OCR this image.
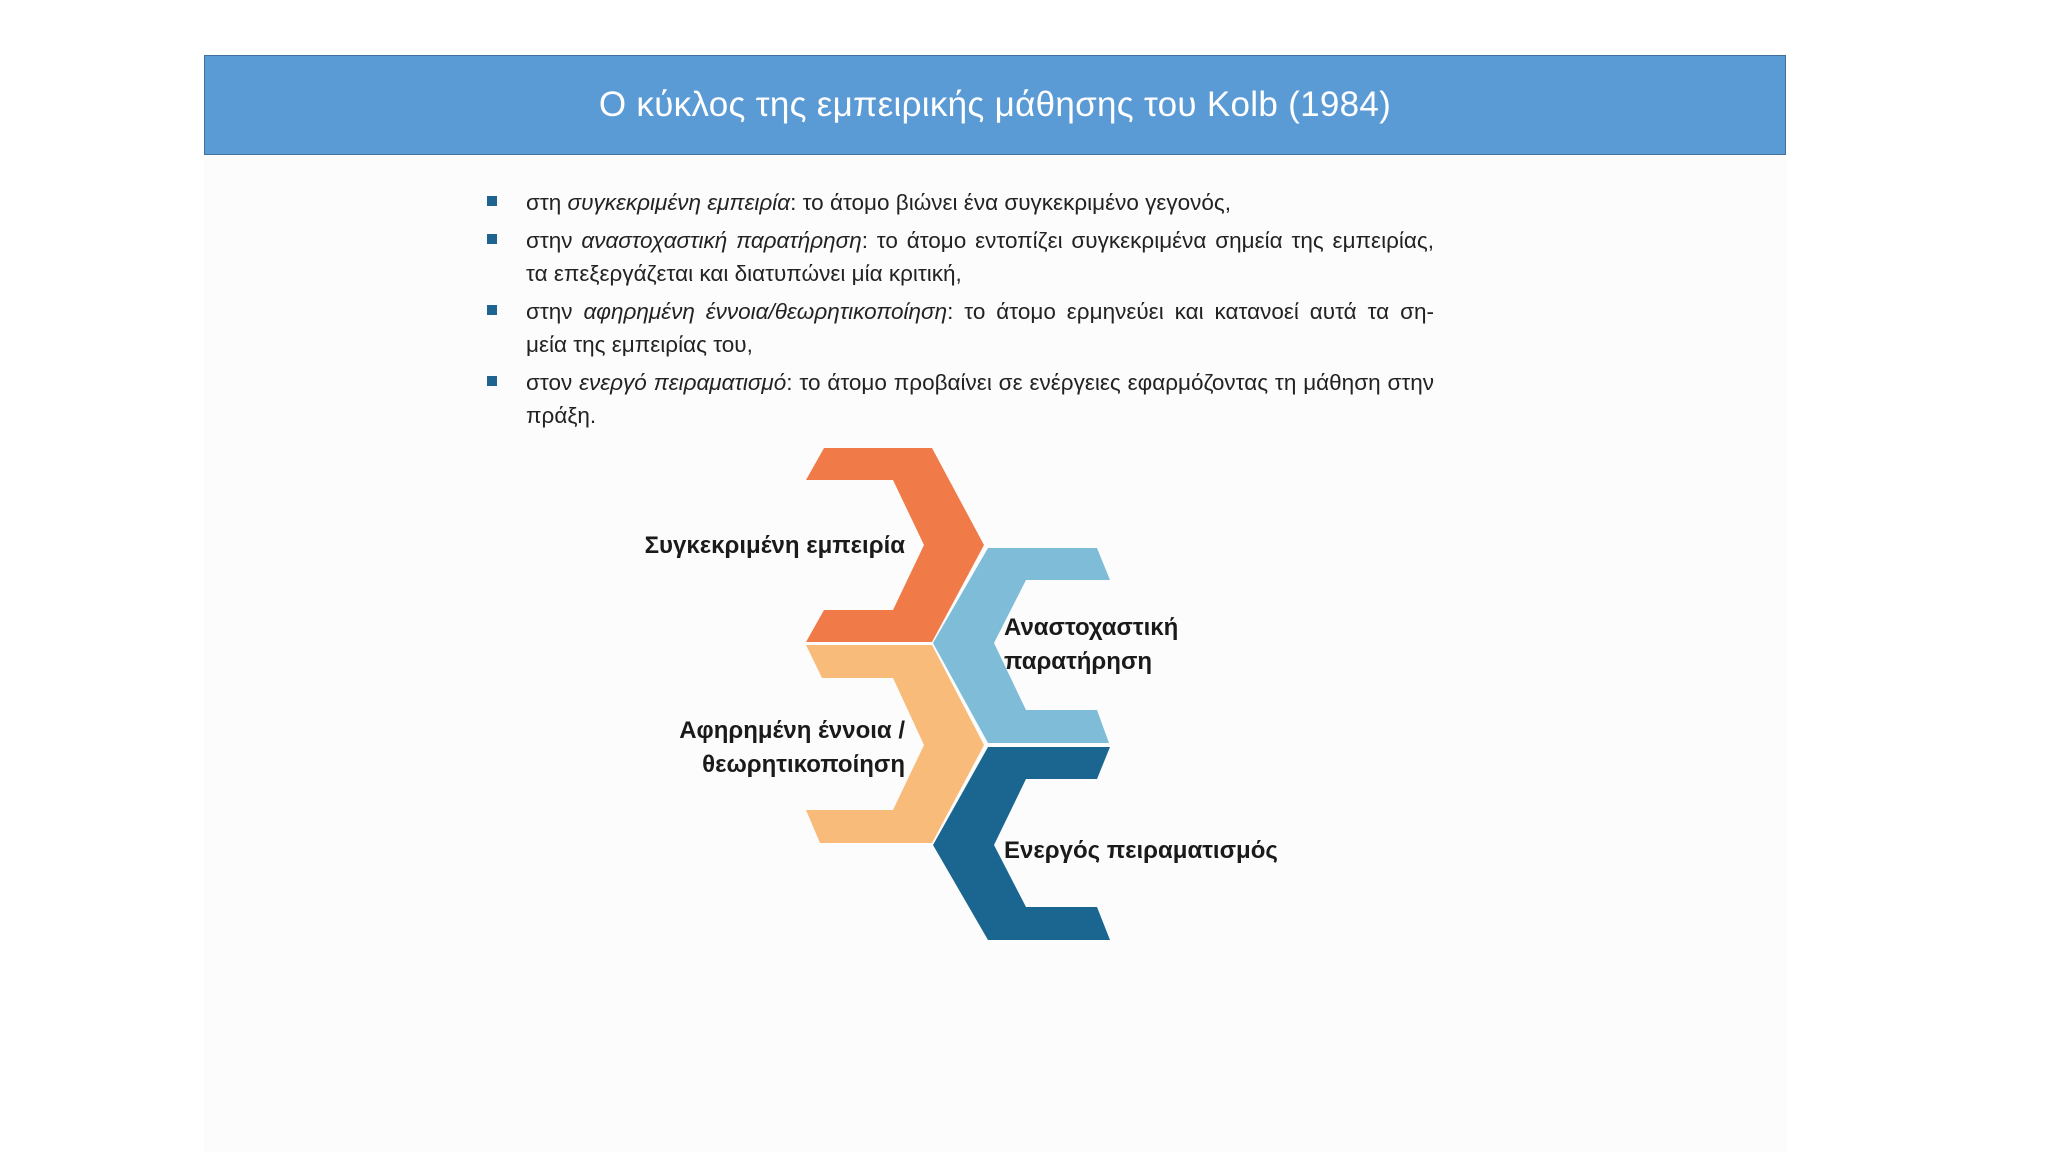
Ο κύκλος της εμπειρικής μάθησης του Kolb (1984)
στη συγκεκριμένη εμπειρία: το άτομο βιώνει ένα συγκεκριμένο γεγονός,
στην αναστοχαστική παρατήρηση: το άτομο εντοπίζει συγκεκριμένα σημεία της εμπειρίας, τα επεξεργάζεται και διατυπώνει μία κριτική,
στην αφηρημένη έννοια/θεωρητικοποίηση: το άτομο ερμηνεύει και κατανοεί αυτά τα ση- μεία της εμπειρίας του,
στον ενεργό πειραματισμό: το άτομο προβαίνει σε ενέργειες εφαρμόζοντας τη μάθηση στην πράξη.
Συγκεκριμένη εμπειρία
Αναστοχαστική
παρατήρηση
Αφηρημένη έννοια /
θεωρητικοποίηση
Ενεργός πειραματισμός
